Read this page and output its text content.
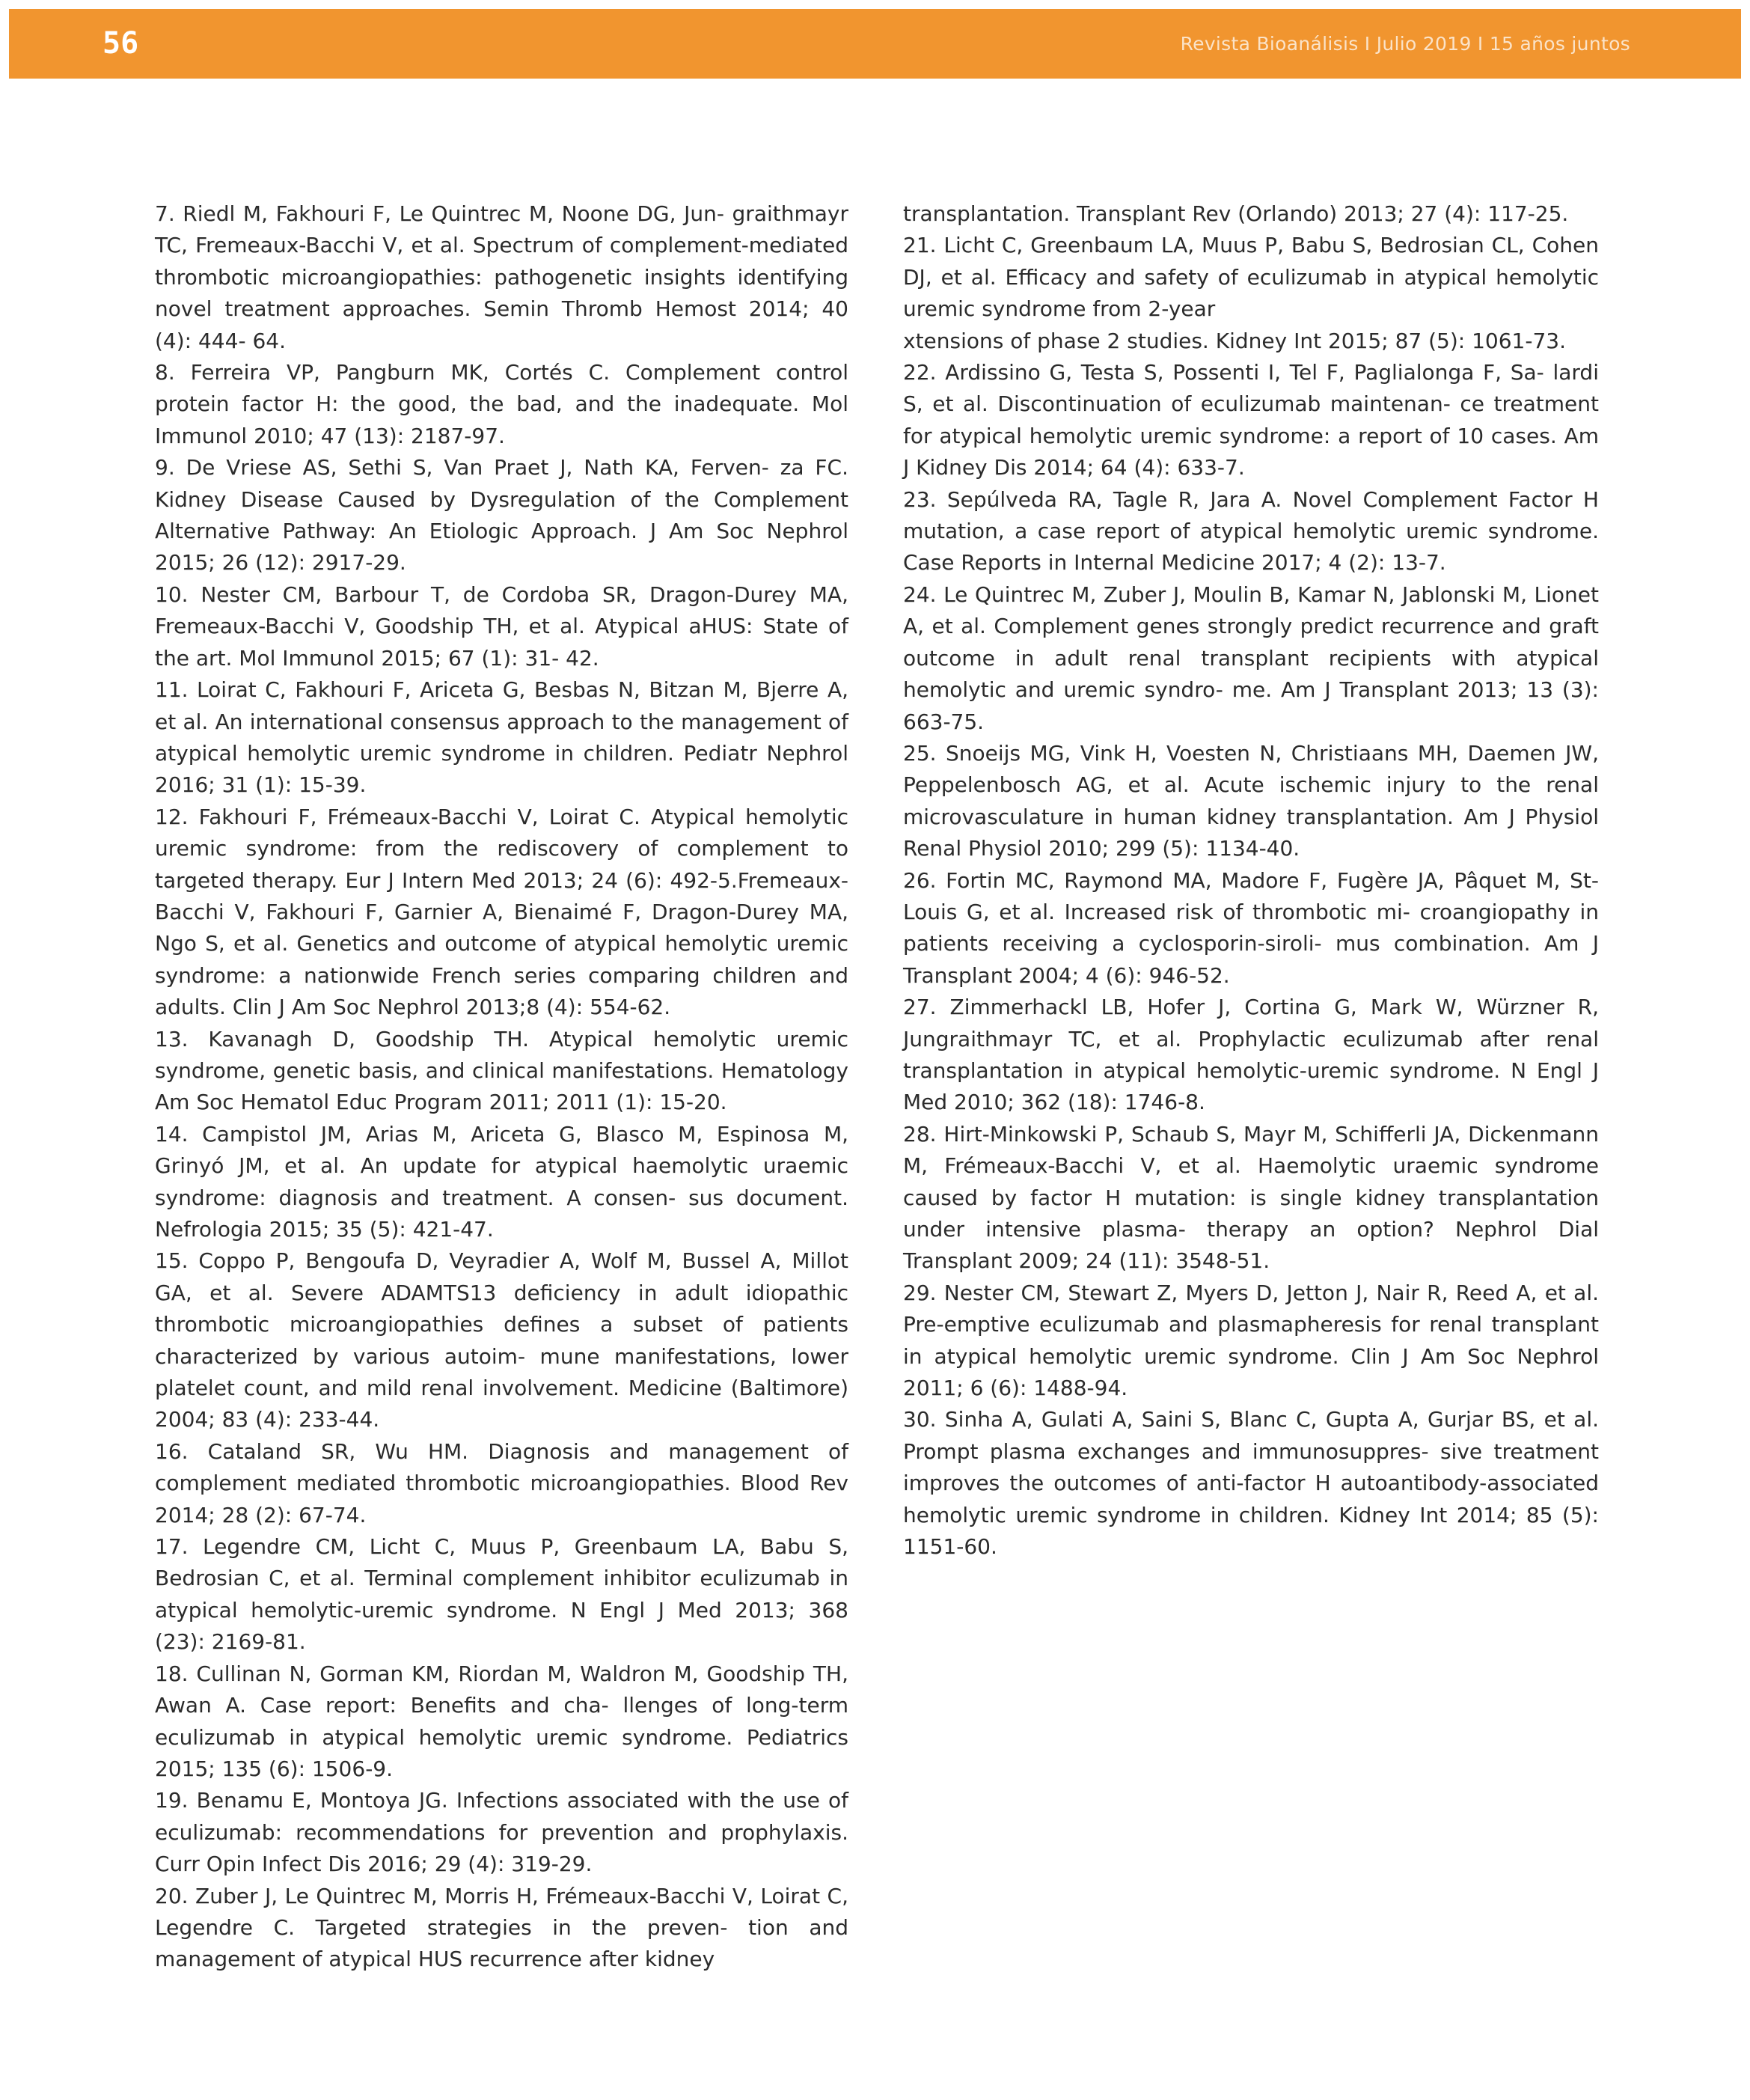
56	Revista Bioanálisis I Julio 2019 I 15 años juntos

7. Riedl M, Fakhouri F, Le Quintrec M, Noone DG, Jun- graithmayr TC, Fremeaux-Bacchi V, et al. Spectrum of complement-mediated thrombotic microangiopathies: pathogenetic insights identifying novel treatment approaches. Semin Thromb Hemost 2014; 40 (4): 444- 64.

8. Ferreira VP, Pangburn MK, Cortés C. Complement control protein factor H: the good, the bad, and the inadequate. Mol Immunol 2010; 47 (13): 2187-97.

9. De Vriese AS, Sethi S, Van Praet J, Nath KA, Ferven- za FC. Kidney Disease Caused by Dysregulation of the Complement Alternative Pathway: An Etiologic Approach. J Am Soc Nephrol 2015; 26 (12): 2917-29.

10. Nester CM, Barbour T, de Cordoba SR, Dragon-Durey MA, Fremeaux-Bacchi V, Goodship TH, et al. Atypical aHUS: State of the art. Mol Immunol 2015; 67 (1): 31- 42.

11. Loirat C, Fakhouri F, Ariceta G, Besbas N, Bitzan M, Bjerre A, et al. An international consensus approach to the management of atypical hemolytic uremic syndrome in children. Pediatr Nephrol 2016; 31 (1): 15-39.

12. Fakhouri F, Frémeaux-Bacchi V, Loirat C. Atypical hemolytic uremic syndrome: from the rediscovery of complement to targeted therapy. Eur J Intern Med 2013; 24 (6): 492-5.Fremeaux-Bacchi V, Fakhouri F, Garnier A, Bienaimé F, Dragon-Durey MA, Ngo S, et al. Genetics and outcome of atypical hemolytic uremic syndrome: a nationwide French series comparing children and adults. Clin J Am Soc Nephrol 2013;8 (4): 554-62.

13. Kavanagh D, Goodship TH. Atypical hemolytic uremic syndrome, genetic basis, and clinical manifestations. Hematology Am Soc Hematol Educ Program 2011; 2011 (1): 15-20.

14. Campistol JM, Arias M, Ariceta G, Blasco M, Espinosa M, Grinyó JM, et al. An update for atypical haemolytic uraemic syndrome: diagnosis and treatment. A consen- sus document. Nefrologia 2015; 35 (5): 421-47.

15. Coppo P, Bengoufa D, Veyradier A, Wolf M, Bussel A, Millot GA, et al. Severe ADAMTS13 deficiency in adult idiopathic thrombotic microangiopathies defines a subset of patients characterized by various autoim- mune manifestations, lower platelet count, and mild renal involvement. Medicine (Baltimore) 2004; 83 (4): 233-44.

16. Cataland SR, Wu HM. Diagnosis and management of complement mediated thrombotic microangiopathies. Blood Rev 2014; 28 (2): 67-74.

17. Legendre CM, Licht C, Muus P, Greenbaum LA, Babu S, Bedrosian C, et al. Terminal complement inhibitor eculizumab in atypical hemolytic-uremic syndrome. N Engl J Med 2013; 368 (23): 2169-81.

18. Cullinan N, Gorman KM, Riordan M, Waldron M, Goodship TH, Awan A. Case report: Benefits and cha- llenges of long-term eculizumab in atypical hemolytic uremic syndrome. Pediatrics 2015; 135 (6): 1506-9.

19. Benamu E, Montoya JG. Infections associated with the use of eculizumab: recommendations for prevention and prophylaxis. Curr Opin Infect Dis 2016; 29 (4): 319-29.

20. Zuber J, Le Quintrec M, Morris H, Frémeaux-Bacchi V, Loirat C, Legendre C. Targeted strategies in the preven- tion and management of atypical HUS recurrence after kidney

transplantation. Transplant Rev (Orlando) 2013; 27 (4): 117-25.

21. Licht C, Greenbaum LA, Muus P, Babu S, Bedrosian CL, Cohen DJ, et al. Efficacy and safety of eculizumab in atypical hemolytic uremic syndrome from 2-year

xtensions of phase 2 studies. Kidney Int 2015; 87 (5): 1061-73.

22. Ardissino G, Testa S, Possenti I, Tel F, Paglialonga F, Sa- lardi S, et al. Discontinuation of eculizumab maintenan- ce treatment for atypical hemolytic uremic syndrome: a report of 10 cases. Am J Kidney Dis 2014; 64 (4): 633-7.

23. Sepúlveda RA, Tagle R, Jara A. Novel Complement Factor H mutation, a case report of atypical hemolytic uremic syndrome. Case Reports in Internal Medicine 2017; 4 (2): 13-7.

24. Le Quintrec M, Zuber J, Moulin B, Kamar N, Jablonski M, Lionet A, et al. Complement genes strongly predict recurrence and graft outcome in adult renal transplant recipients with atypical hemolytic and uremic syndro- me. Am J Transplant 2013; 13 (3): 663-75.

25. Snoeijs MG, Vink H, Voesten N, Christiaans MH, Daemen JW, Peppelenbosch AG, et al. Acute ischemic injury to the renal microvasculature in human kidney transplantation. Am J Physiol Renal Physiol 2010; 299 (5): 1134-40.

26. Fortin MC, Raymond MA, Madore F, Fugère JA, Pâquet M, St-Louis G, et al. Increased risk of thrombotic mi- croangiopathy in patients receiving a cyclosporin-siroli- mus combination. Am J Transplant 2004; 4 (6): 946-52.

27. Zimmerhackl LB, Hofer J, Cortina G, Mark W, Würzner R, Jungraithmayr TC, et al. Prophylactic eculizumab after renal transplantation in atypical hemolytic-uremic syndrome. N Engl J Med 2010; 362 (18): 1746-8.

28. Hirt-Minkowski P, Schaub S, Mayr M, Schifferli JA, Dickenmann M, Frémeaux-Bacchi V, et al. Haemolytic uraemic syndrome caused by factor H mutation: is single kidney transplantation under intensive plasma- therapy an option? Nephrol Dial Transplant 2009; 24 (11): 3548-51.

29. Nester CM, Stewart Z, Myers D, Jetton J, Nair R, Reed A, et al. Pre-emptive eculizumab and plasmapheresis for renal transplant in atypical hemolytic uremic syndrome. Clin J Am Soc Nephrol 2011; 6 (6): 1488-94.

30. Sinha A, Gulati A, Saini S, Blanc C, Gupta A, Gurjar BS, et al. Prompt plasma exchanges and immunosuppres- sive treatment improves the outcomes of anti-factor H autoantibody-associated hemolytic uremic syndrome in children. Kidney Int 2014; 85 (5): 1151-60.
